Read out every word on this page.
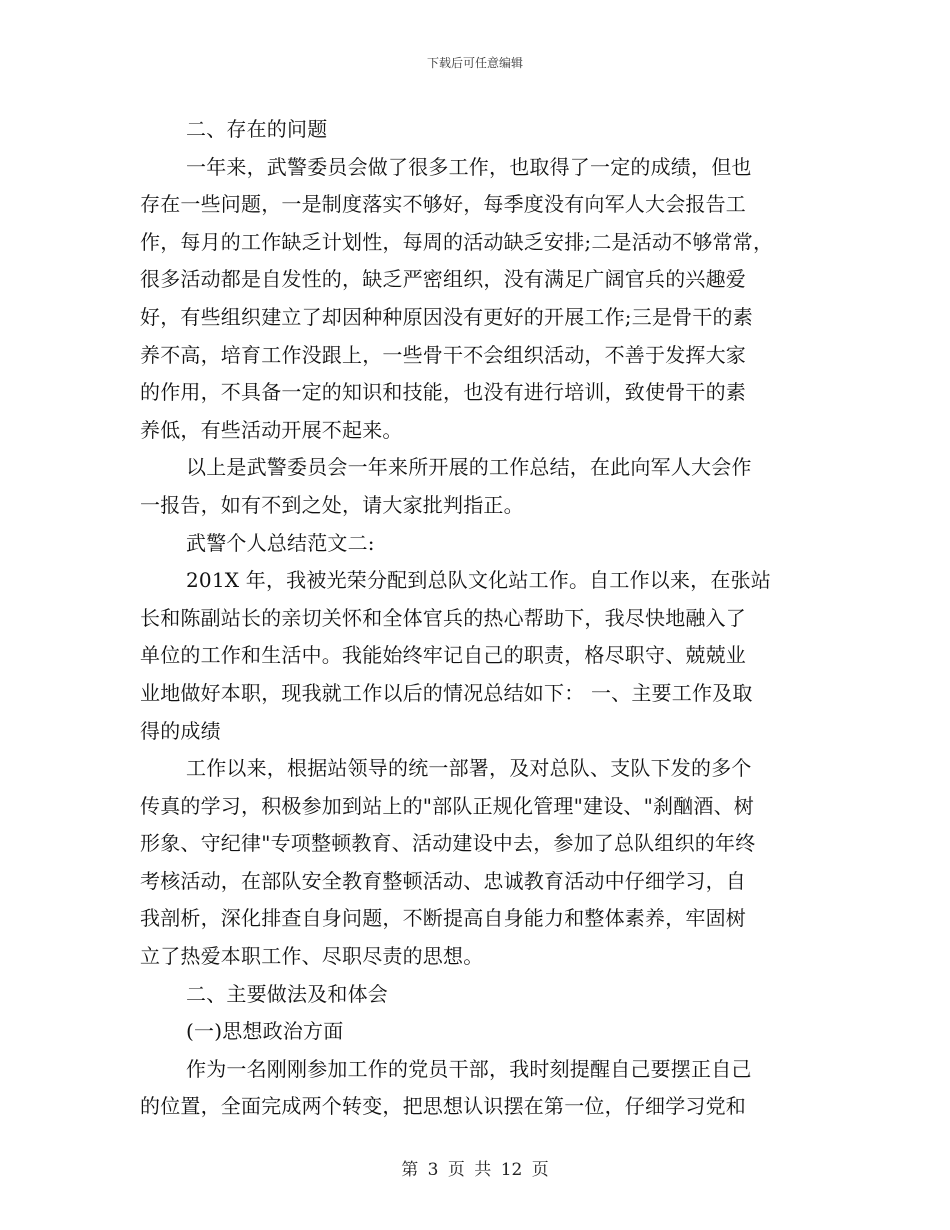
下载后可任意编辑
二、存在的问题
一年来，武警委员会做了很多工作，也取得了一定的成绩，但也
存在一些问题，一是制度落实不够好，每季度没有向军人大会报告工
作，每月的工作缺乏计划性，每周的活动缺乏安排;二是活动不够常常，
很多活动都是自发性的，缺乏严密组织，没有满足广阔官兵的兴趣爱
好，有些组织建立了却因种种原因没有更好的开展工作;三是骨干的素
养不高，培育工作没跟上，一些骨干不会组织活动，不善于发挥大家
的作用，不具备一定的知识和技能，也没有进行培训，致使骨干的素
养低，有些活动开展不起来。
以上是武警委员会一年来所开展的工作总结，在此向军人大会作
一报告，如有不到之处，请大家批判指正。
武警个人总结范文二:
201X 年，我被光荣分配到总队文化站工作。自工作以来，在张站
长和陈副站长的亲切关怀和全体官兵的热心帮助下，我尽快地融入了
单位的工作和生活中。我能始终牢记自己的职责，格尽职守、兢兢业
业地做好本职，现我就工作以后的情况总结如下： 一、主要工作及取
得的成绩
工作以来，根据站领导的统一部署，及对总队、支队下发的多个
传真的学习，积极参加到站上的"部队正规化管理"建设、"刹酗酒、树
形象、守纪律"专项整顿教育、活动建设中去，参加了总队组织的年终
考核活动，在部队安全教育整顿活动、忠诚教育活动中仔细学习，自
我剖析，深化排查自身问题，不断提高自身能力和整体素养，牢固树
立了热爱本职工作、尽职尽责的思想。
二、主要做法及和体会
(一)思想政治方面
作为一名刚刚参加工作的党员干部，我时刻提醒自己要摆正自己
的位置，全面完成两个转变，把思想认识摆在第一位，仔细学习党和
第 3 页 共 12 页
